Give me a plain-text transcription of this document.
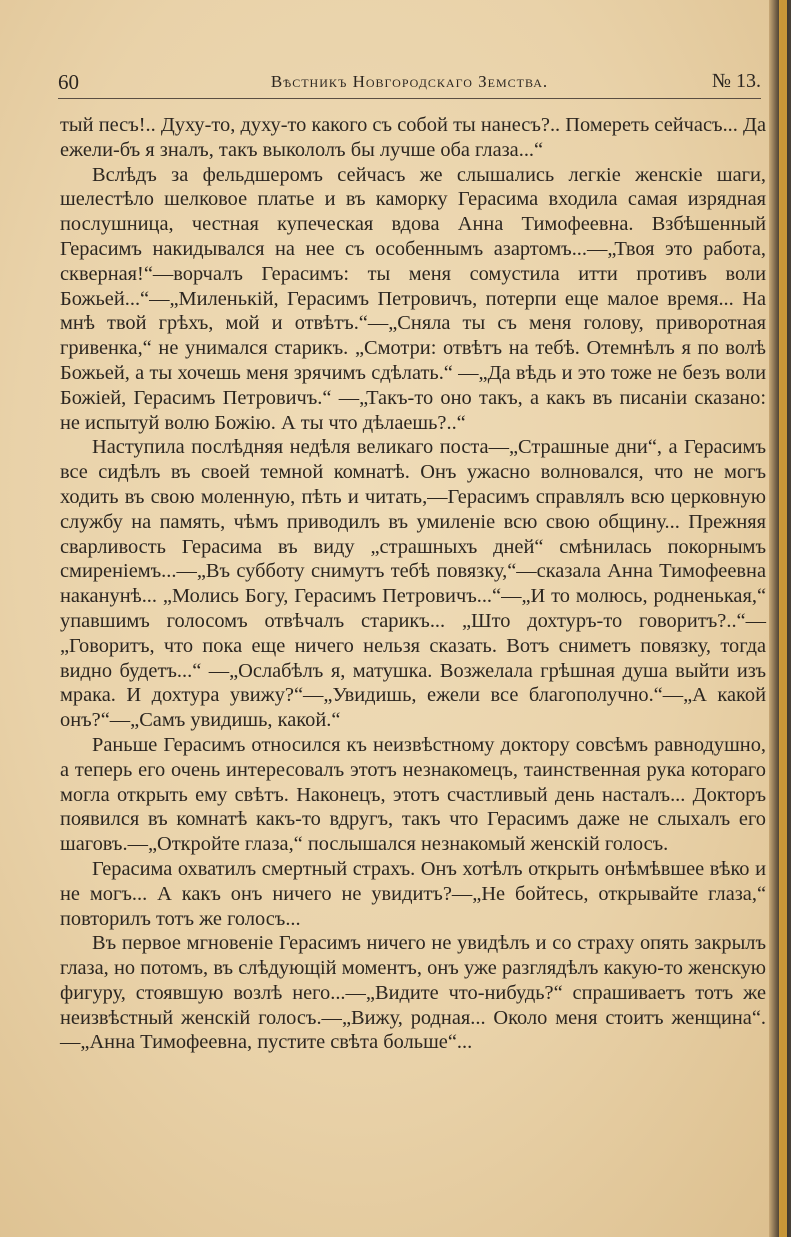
60	Вѣстникъ Новгородскаго Земства.	№ 13.

тый песъ!.. Духу-то, духу-то какого съ собой ты нанесъ?.. Помереть сейчасъ... Да ежели-бъ я зналъ, такъ выкололъ бы лучше оба глаза...“

Вслѣдъ за фельдшеромъ сейчасъ же слышались легкіе женскіе шаги, шелестѣло шелковое платье и въ каморку Герасима входила самая изрядная послушница, честная купеческая вдова Анна Тимофеевна. Взбѣшенный Герасимъ накидывался на нее съ особеннымъ азартомъ...—„Твоя это работа, скверная!“—ворчалъ Герасимъ: ты меня сомустила итти противъ воли Божьей...“—„Миленькій, Герасимъ Петровичъ, потерпи еще малое время... На мнѣ твой грѣхъ, мой и отвѣтъ.“—„Сняла ты съ меня голову, приворотная гривенка,“ не унимался старикъ. „Смотри: отвѣтъ на тебѣ. Отемнѣлъ я по волѣ Божьей, а ты хочешь меня зрячимъ сдѣлать.“ —„Да вѣдь и это тоже не безъ воли Божіей, Герасимъ Петровичъ.“ —„Такъ-то оно такъ, а какъ въ писаніи сказано: не испытуй волю Божію. А ты что дѣлаешь?..“

Наступила послѣдняя недѣля великаго поста—„Страшные дни“, а Герасимъ все сидѣлъ въ своей темной комнатѣ. Онъ ужасно волновался, что не могъ ходить въ свою моленную, пѣть и читать,—Герасимъ справлялъ всю церковную службу на память, чѣмъ приводилъ въ умиленіе всю свою общину... Прежняя сварливость Герасима въ виду „страшныхъ дней“ смѣнилась покорнымъ смиреніемъ...—„Въ субботу снимутъ тебѣ повязку,“—сказала Анна Тимофеевна наканунѣ... „Молись Богу, Герасимъ Петровичъ...“—„И то молюсь, родненькая,“ упавшимъ голосомъ отвѣчалъ старикъ... „Што дохтуръ-то говоритъ?..“—„Говоритъ, что пока еще ничего нельзя сказать. Вотъ сниметъ повязку, тогда видно будетъ...“ —„Ослабѣлъ я, матушка. Возжелала грѣшная душа выйти изъ мрака. И дохтура увижу?“—„Увидишь, ежели все благополучно.“—„А какой онъ?“—„Самъ увидишь, какой.“

Раньше Герасимъ относился къ неизвѣстному доктору совсѣмъ равнодушно, а теперь его очень интересовалъ этотъ незнакомецъ, таинственная рука котораго могла открыть ему свѣтъ. Наконецъ, этотъ счастливый день насталъ... Докторъ появился въ комнатѣ какъ-то вдругъ, такъ что Герасимъ даже не слыхалъ его шаговъ.—„Откройте глаза,“ послышался незнакомый женскій голосъ.

Герасима охватилъ смертный страхъ. Онъ хотѣлъ открыть онѣмѣвшее вѣко и не могъ... А какъ онъ ничего не увидитъ?—„Не бойтесь, открывайте глаза,“ повторилъ тотъ же голосъ...

Въ первое мгновеніе Герасимъ ничего не увидѣлъ и со страху опять закрылъ глаза, но потомъ, въ слѣдующій моментъ, онъ уже разглядѣлъ какую-то женскую фигуру, стоявшую возлѣ него...—„Видите что-нибудь?“ спрашиваетъ тотъ же неизвѣстный женскій голосъ.—„Вижу, родная... Около меня стоитъ женщина“.—„Анна Тимофеевна, пустите свѣта больше“...
